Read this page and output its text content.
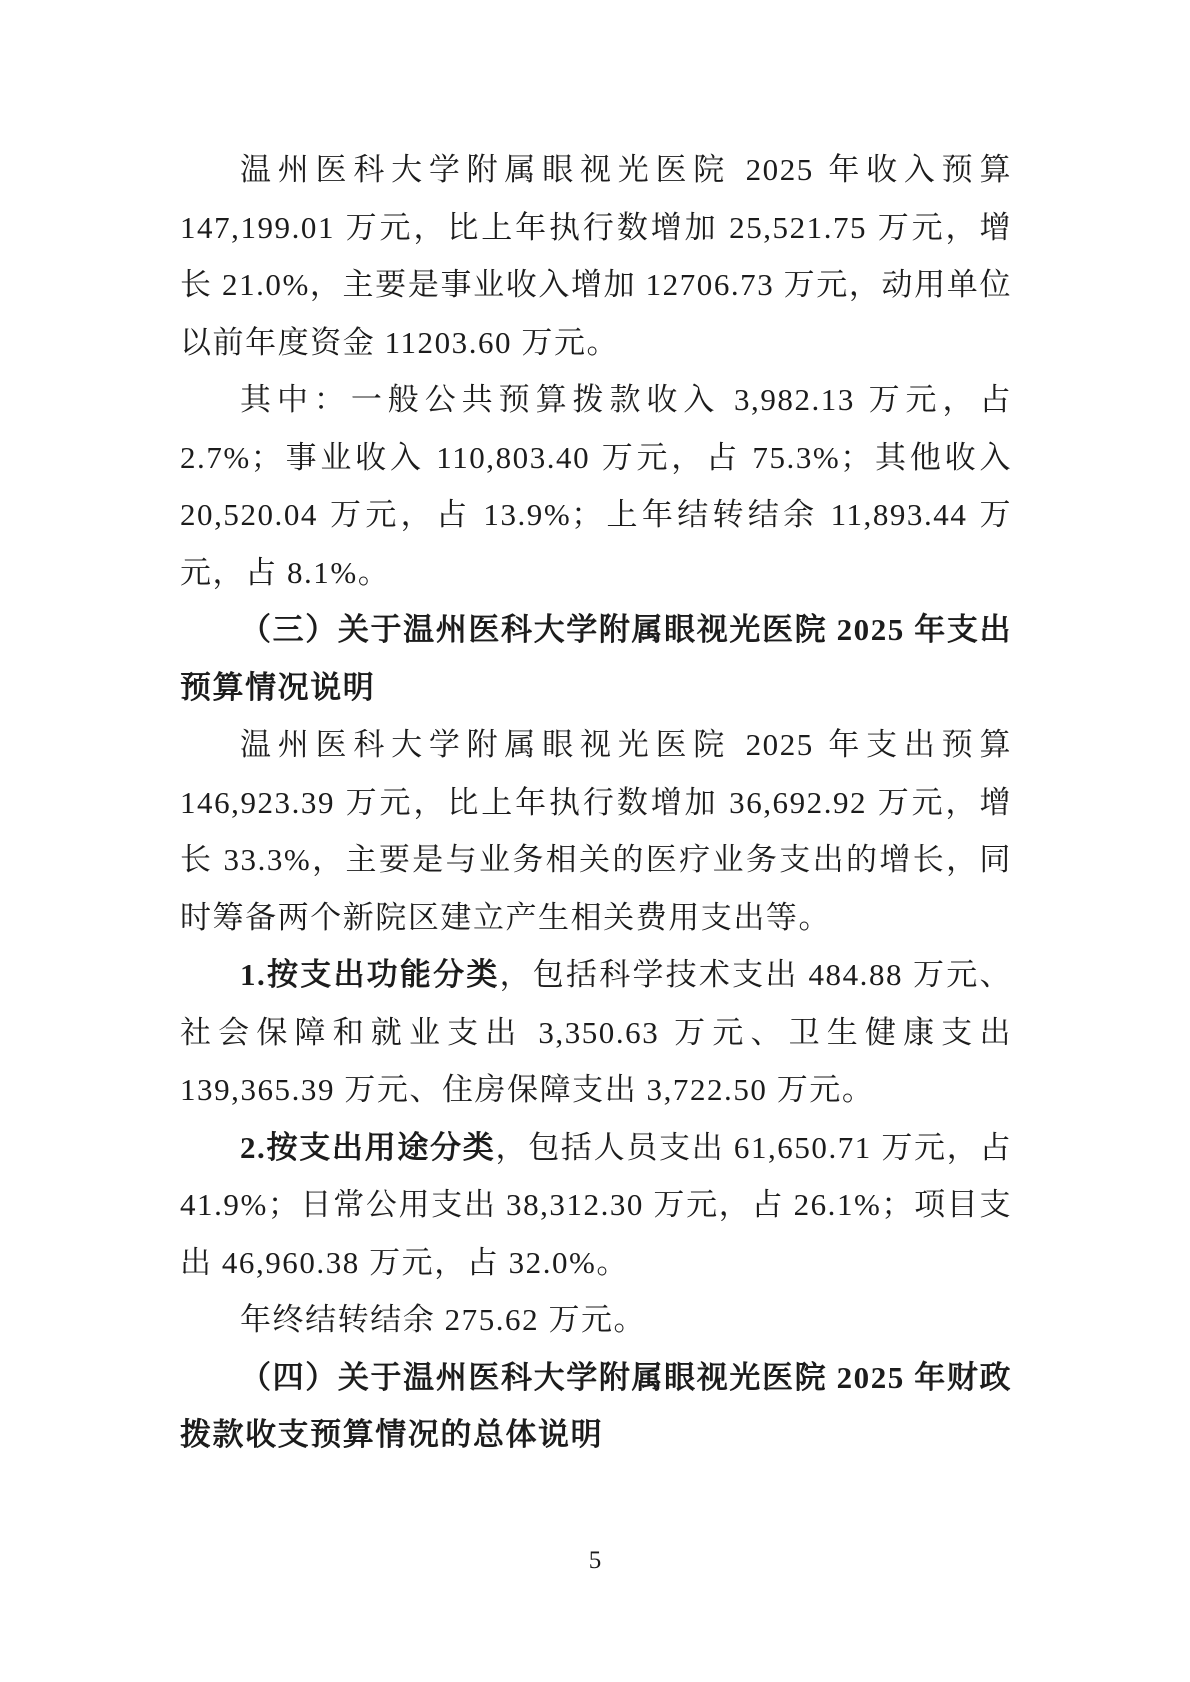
温州医科大学附属眼视光医院 2025 年收入预算 147,199.01 万元，比上年执行数增加 25,521.75 万元，增长 21.0%，主要是事业收入增加 12706.73 万元，动用单位以前年度资金 11203.60 万元。

其中：一般公共预算拨款收入 3,982.13 万元，占 2.7%；事业收入 110,803.40 万元，占 75.3%；其他收入 20,520.04 万元，占 13.9%；上年结转结余 11,893.44 万元，占 8.1%。

（三）关于温州医科大学附属眼视光医院 2025 年支出预算情况说明

温州医科大学附属眼视光医院 2025 年支出预算 146,923.39 万元，比上年执行数增加 36,692.92 万元，增长 33.3%，主要是与业务相关的医疗业务支出的增长，同时筹备两个新院区建立产生相关费用支出等。

1.按支出功能分类，包括科学技术支出 484.88 万元、社会保障和就业支出 3,350.63 万元、卫生健康支出 139,365.39 万元、住房保障支出 3,722.50 万元。

2.按支出用途分类，包括人员支出 61,650.71 万元，占 41.9%；日常公用支出 38,312.30 万元，占 26.1%；项目支出 46,960.38 万元，占 32.0%。

年终结转结余 275.62 万元。

（四）关于温州医科大学附属眼视光医院 2025 年财政拨款收支预算情况的总体说明

5
